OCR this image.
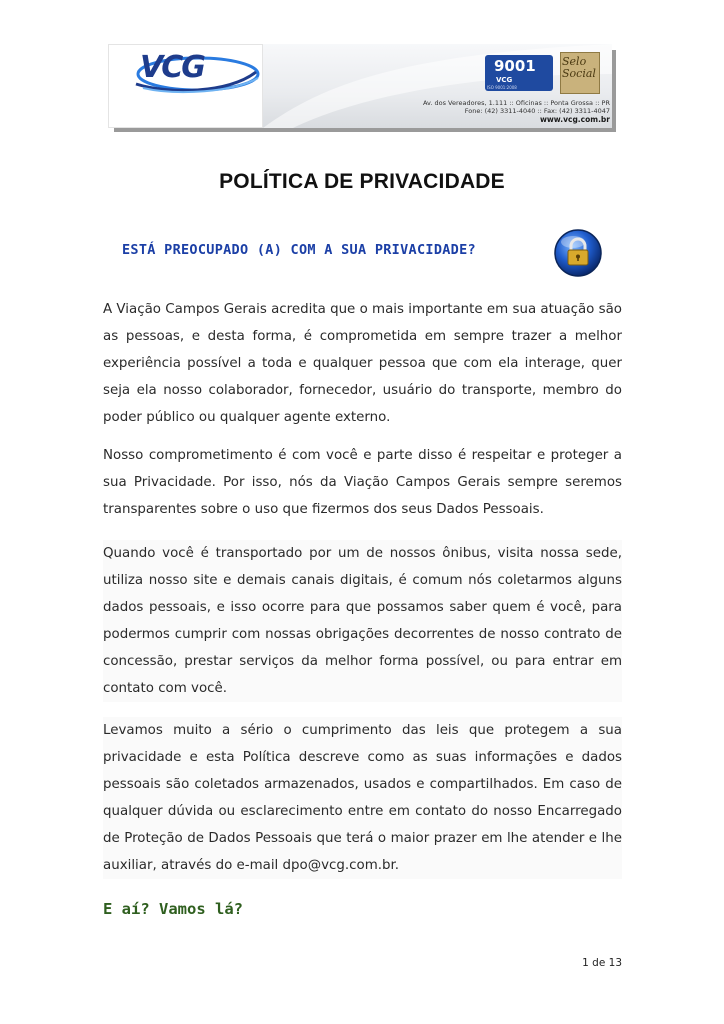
VCG	9001
VCG
ISO 9001:2008
Selo
Social
Av. dos Vereadores, 1.111 :: Oficinas :: Ponta Grossa :: PR
Fone: (42) 3311-4040 :: Fax: (42) 3311-4047
www.vcg.com.br
POLÍTICA DE PRIVACIDADE
ESTÁ PREOCUPADO (A) COM A SUA PRIVACIDADE?

A Viação Campos Gerais acredita que o mais importante em sua atuação são as pessoas, e desta forma, é comprometida em sempre trazer a melhor experiência possível a toda e qualquer pessoa que com ela interage, quer seja ela nosso colaborador, fornecedor, usuário do transporte, membro do poder público ou qualquer agente externo.

Nosso comprometimento é com você e parte disso é respeitar e proteger a sua Privacidade. Por isso, nós da Viação Campos Gerais sempre seremos transparentes sobre o uso que fizermos dos seus Dados Pessoais.

Quando você é transportado por um de nossos ônibus, visita nossa sede, utiliza nosso site e demais canais digitais, é comum nós coletarmos alguns dados pessoais, e isso ocorre para que possamos saber quem é você, para podermos cumprir com nossas obrigações decorrentes de nosso contrato de concessão, prestar serviços da melhor forma possível, ou para entrar em contato com você.

Levamos muito a sério o cumprimento das leis que protegem a sua privacidade e esta Política descreve como as suas informações e dados pessoais são coletados armazenados, usados e compartilhados. Em caso de qualquer dúvida ou esclarecimento entre em contato do nosso Encarregado de Proteção de Dados Pessoais que terá o maior prazer em lhe atender e lhe auxiliar, através do e-mail dpo@vcg.com.br.

E aí? Vamos lá?
1 de 13
